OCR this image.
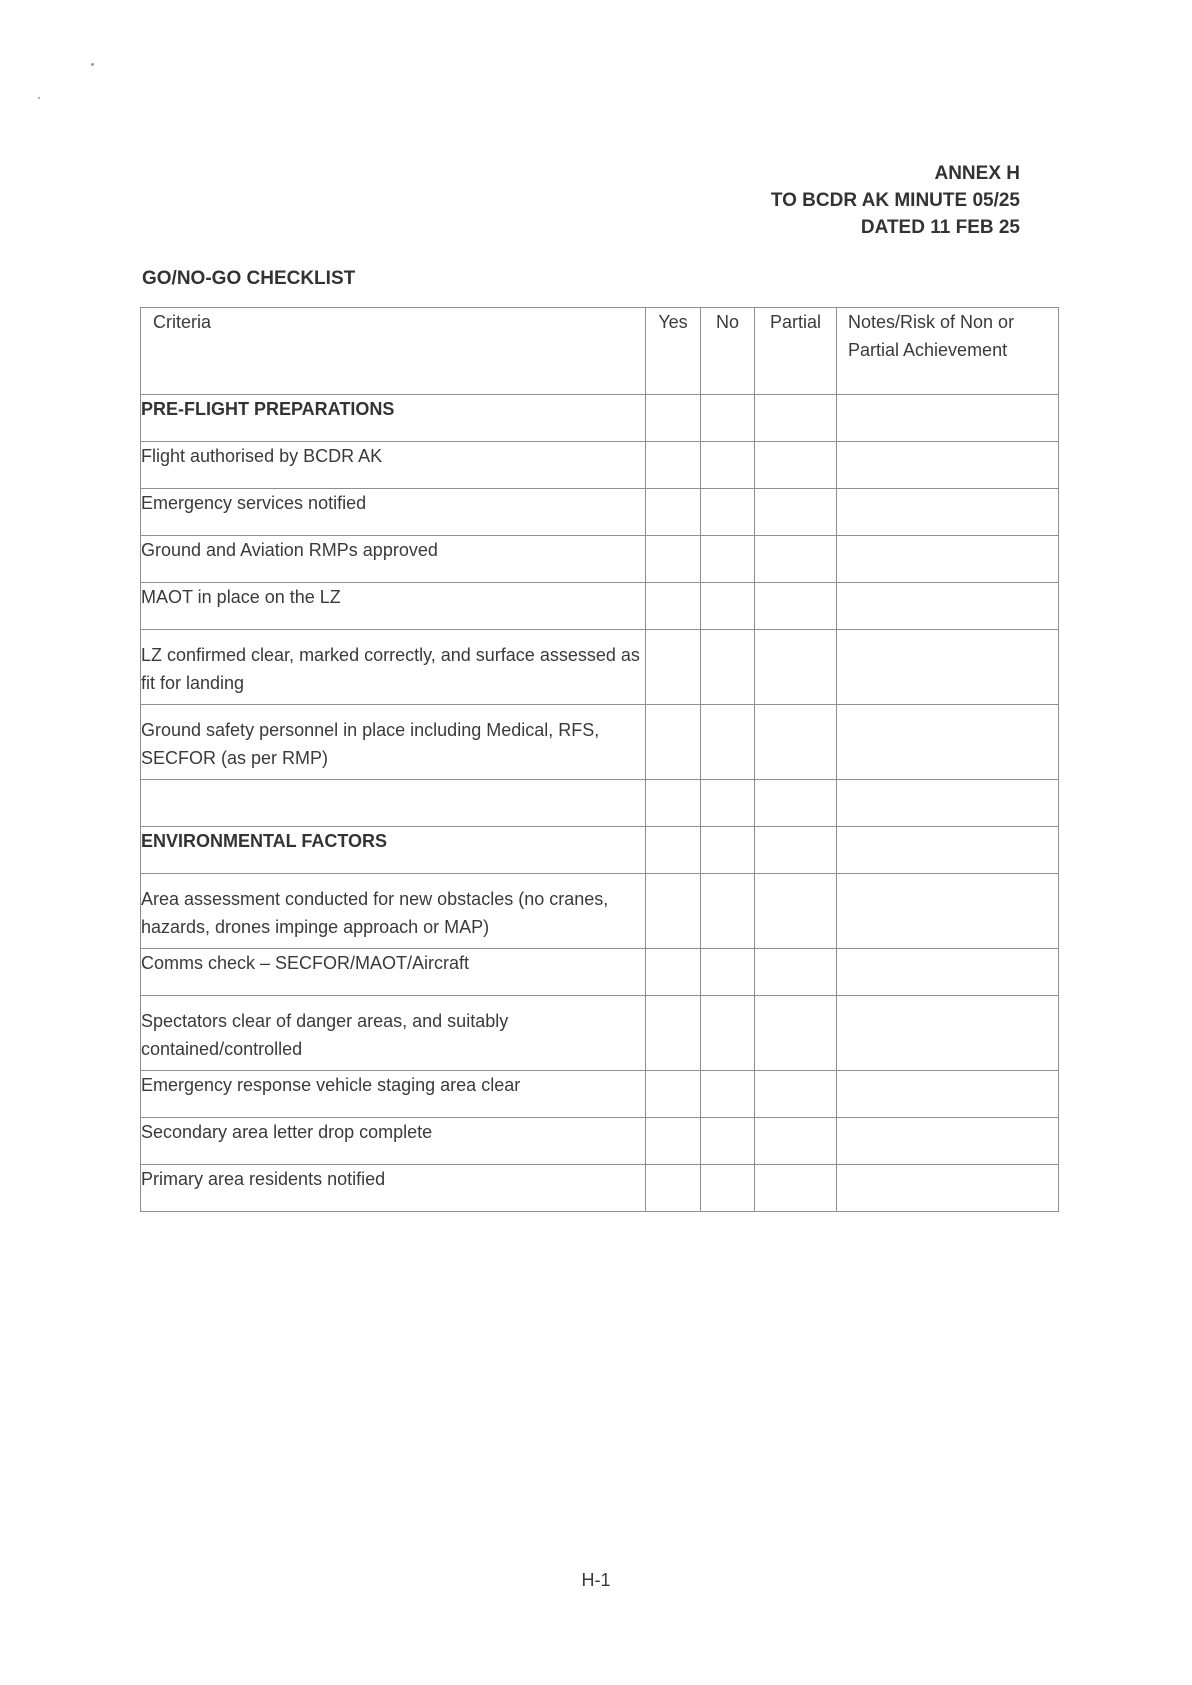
ANNEX H
TO BCDR AK MINUTE 05/25
DATED 11 FEB 25
GO/NO-GO CHECKLIST
Criteria	Yes	No	Partial	Notes/Risk of Non or Partial Achievement
PRE-FLIGHT PREPARATIONS				
Flight authorised by BCDR AK				
Emergency services notified				
Ground and Aviation RMPs approved				
MAOT in place on the LZ				
LZ confirmed clear, marked correctly, and surface assessed as fit for landing				
Ground safety personnel in place including Medical, RFS, SECFOR (as per RMP)				

ENVIRONMENTAL FACTORS				
Area assessment conducted for new obstacles (no cranes, hazards, drones impinge approach or MAP)				
Comms check – SECFOR/MAOT/Aircraft				
Spectators clear of danger areas, and suitably contained/controlled				
Emergency response vehicle staging area clear				
Secondary area letter drop complete				
Primary area residents notified				
H-1
